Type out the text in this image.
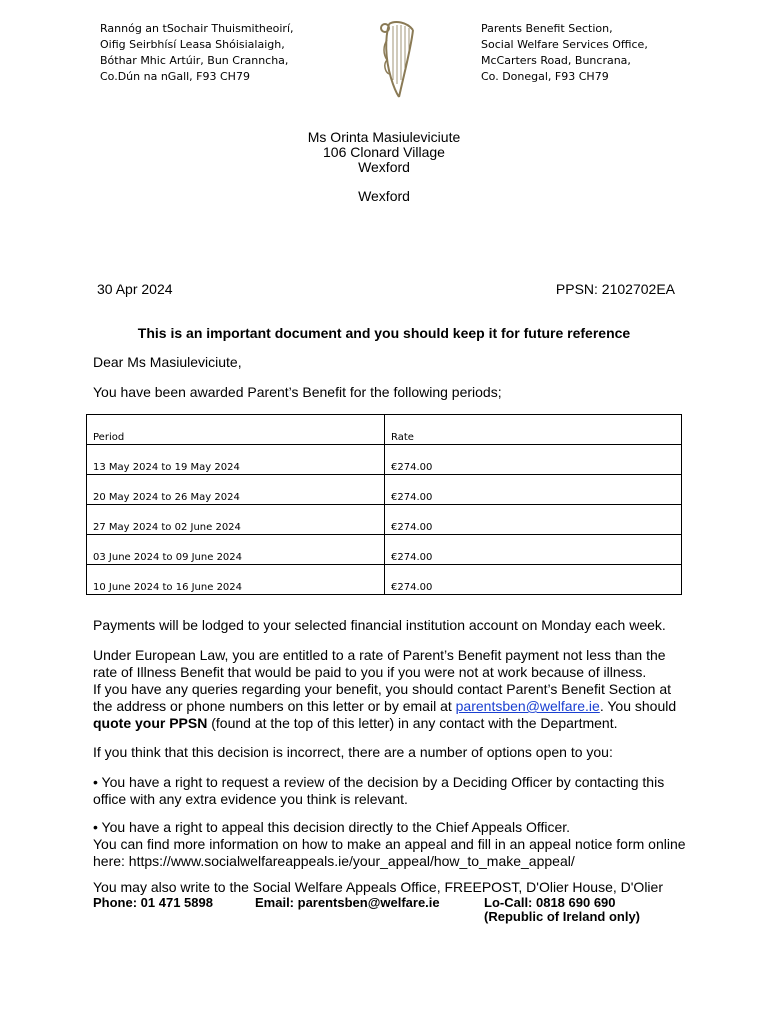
Rannóg an tSochair Thuismitheoirí,
Oifig Seirbhísí Leasa Shóisialaigh,
Bóthar Mhic Artúir, Bun Cranncha,
Co.Dún na nGall, F93 CH79
Parents Benefit Section,
Social Welfare Services Office,
McCarters Road, Buncrana,
Co. Donegal, F93 CH79
Ms Orinta Masiuleviciute
106 Clonard Village
Wexford
Wexford
30 Apr 2024	PPSN: 2102702EA
This is an important document and you should keep it for future reference
Dear Ms Masiuleviciute,
You have been awarded Parent’s Benefit for the following periods;
Period	Rate
13 May 2024 to 19 May 2024	€274.00
20 May 2024 to 26 May 2024	€274.00
27 May 2024 to 02 June 2024	€274.00
03 June 2024 to 09 June 2024	€274.00
10 June 2024 to 16 June 2024	€274.00
Payments will be lodged to your selected financial institution account on Monday each week.
Under European Law, you are entitled to a rate of Parent’s Benefit payment not less than the rate of Illness Benefit that would be paid to you if you were not at work because of illness.
If you have any queries regarding your benefit, you should contact Parent’s Benefit Section at the address or phone numbers on this letter or by email at parentsben@welfare.ie. You should quote your PPSN (found at the top of this letter) in any contact with the Department.
If you think that this decision is incorrect, there are a number of options open to you:
• You have a right to request a review of the decision by a Deciding Officer by contacting this office with any extra evidence you think is relevant.
• You have a right to appeal this decision directly to the Chief Appeals Officer.
You can find more information on how to make an appeal and fill in an appeal notice form online here: https://www.socialwelfareappeals.ie/your_appeal/how_to_make_appeal/
You may also write to the Social Welfare Appeals Office, FREEPOST, D'Olier House, D'Olier
Phone: 01 471 5898	Email: parentsben@welfare.ie	Lo-Call: 0818 690 690
(Republic of Ireland only)
